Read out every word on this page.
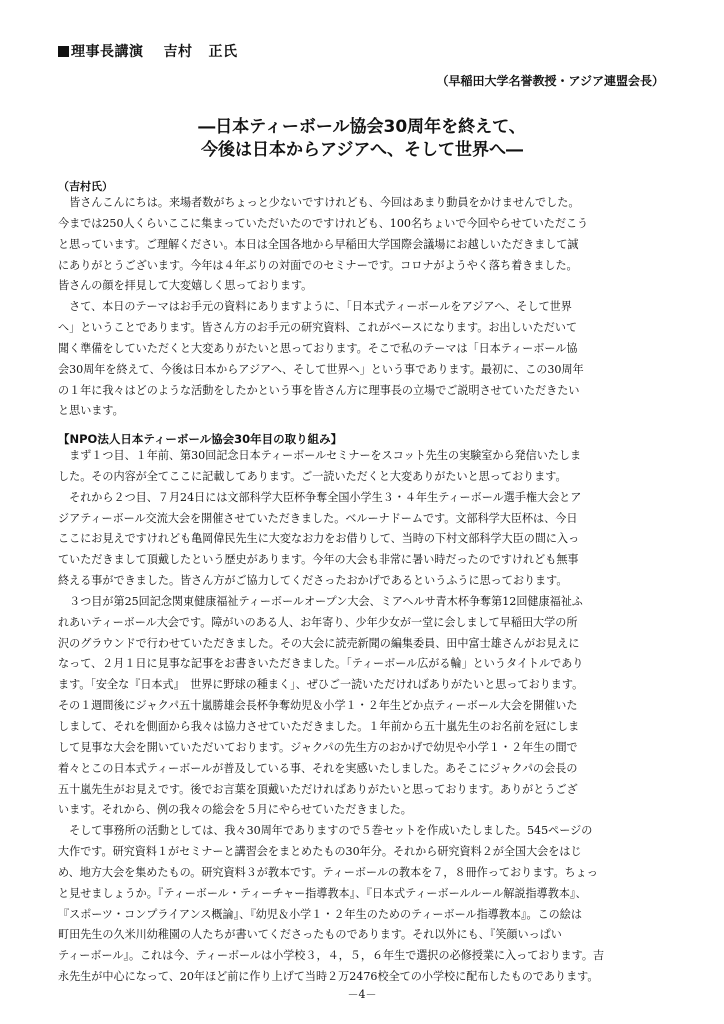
理事長講演 吉村 正氏
（早稲田大学名誉教授・アジア連盟会長）
―日本ティーボール協会30周年を終えて、
今後は日本からアジアへ、そして世界へ―
（吉村氏）
　皆さんこんにちは。来場者数がちょっと少ないですけれども、今回はあまり動員をかけませんでした。
今までは250人くらいここに集まっていただいたのですけれども、100名ちょいで今回やらせていただこう
と思っています。ご理解ください。本日は全国各地から早稲田大学国際会議場にお越しいただきまして誠
にありがとうございます。今年は４年ぶりの対面でのセミナーです。コロナがようやく落ち着きました。
皆さんの顔を拝見して大変嬉しく思っております。
　さて、本日のテーマはお手元の資料にありますように、「日本式ティーボールをアジアへ、そして世界
へ」ということであります。皆さん方のお手元の研究資料、これがベースになります。お出しいただいて
聞く準備をしていただくと大変ありがたいと思っております。そこで私のテーマは「日本ティーボール協
会30周年を終えて、今後は日本からアジアへ、そして世界へ」という事であります。最初に、この30周年
の１年に我々はどのような活動をしたかという事を皆さん方に理事長の立場でご説明させていただきたい
と思います。
【NPO法人日本ティーボール協会30年目の取り組み】
　まず１つ目、１年前、第30回記念日本ティーボールセミナーをスコット先生の実験室から発信いたしま
した。その内容が全てここに記載してあります。ご一読いただくと大変ありがたいと思っております。
　それから２つ目、７月24日には文部科学大臣杯争奪全国小学生３・４年生ティーボール選手権大会とア
ジアティーボール交流大会を開催させていただきました。ベルーナドームです。文部科学大臣杯は、今日
ここにお見えですけれども亀岡偉民先生に大変なお力をお借りして、当時の下村文部科学大臣の間に入っ
ていただきまして頂戴したという歴史があります。今年の大会も非常に暑い時だったのですけれども無事
終える事ができました。皆さん方がご協力してくださったおかげであるというふうに思っております。
　３つ目が第25回記念関東健康福祉ティーボールオープン大会、ミアヘルサ青木杯争奪第12回健康福祉ふ
れあいティーボール大会です。障がいのある人、お年寄り、少年少女が一堂に会しまして早稲田大学の所
沢のグラウンドで行わせていただきました。その大会に読売新聞の編集委員、田中富士雄さんがお見えに
なって、２月１日に見事な記事をお書きいただきました。「ティーボール広がる輪」というタイトルであり
ます。「安全な『日本式』　世界に野球の種まく」、ぜひご一読いただければありがたいと思っております。
その１週間後にジャクパ五十嵐勝雄会長杯争奪幼児＆小学１・２年生どか点ティーボール大会を開催いた
しまして、それを側面から我々は協力させていただきました。１年前から五十嵐先生のお名前を冠にしま
して見事な大会を開いていただいております。ジャクパの先生方のおかげで幼児や小学１・２年生の間で
着々とこの日本式ティーボールが普及している事、それを実感いたしました。あそこにジャクパの会長の
五十嵐先生がお見えです。後でお言葉を頂戴いただければありがたいと思っております。ありがとうござ
います。それから、例の我々の総会を５月にやらせていただきました。
　そして事務所の活動としては、我々30周年でありますので５巻セットを作成いたしました。545ページの
大作です。研究資料１がセミナーと講習会をまとめたもの30年分。それから研究資料２が全国大会をはじ
め、地方大会を集めたもの。研究資料３が教本です。ティーボールの教本を７，８冊作っております。ちょっ
と見せましょうか。『ティーボール・ティーチャー指導教本』、『日本式ティーボールルール解説指導教本』、
『スポーツ・コンプライアンス概論』、『幼児＆小学１・２年生のためのティーボール指導教本』。この絵は
町田先生の久米川幼稚園の人たちが書いてくださったものであります。それ以外にも、『笑顔いっぱい
ティーボール』。これは今、ティーボールは小学校３，４，５，６年生で選択の必修授業に入っております。吉
永先生が中心になって、20年ほど前に作り上げて当時２万2476校全ての小学校に配布したものであります。
－4－
